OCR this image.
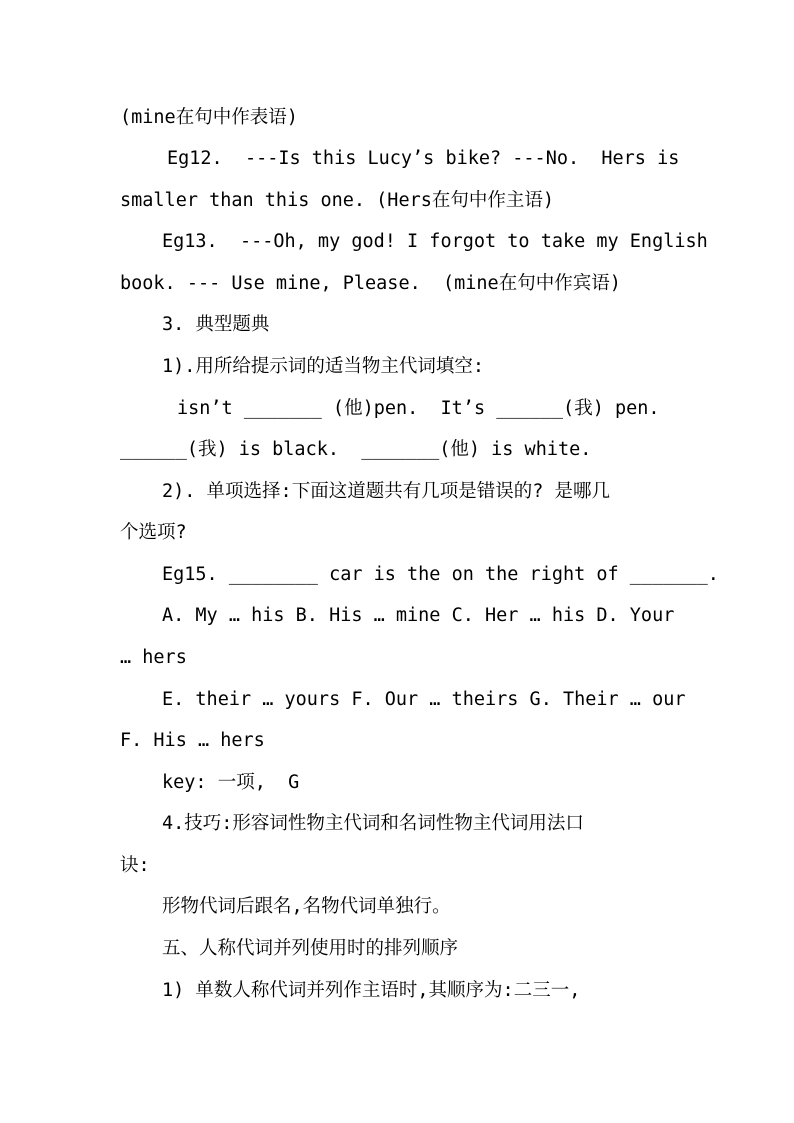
(mine在句中作表语)
Eg12.  ---Is this Lucy’s bike? ---No.  Hers is
smaller than this one. (Hers在句中作主语)
Eg13.  ---Oh, my god! I forgot to take my English
book. --- Use mine, Please.  (mine在句中作宾语)
3. 典型题典
1).用所给提示词的适当物主代词填空:
isn’t _______ (他)pen.  It’s ______(我) pen.
______(我) is black.  _______(他) is white.
2). 单项选择:下面这道题共有几项是错误的? 是哪几
个选项?
Eg15. ________ car is the on the right of _______.
A. My … his B. His … mine C. Her … his D. Your
… hers
E. their … yours F. Our … theirs G. Their … our
F. His … hers
key: 一项,  G
4.技巧:形容词性物主代词和名词性物主代词用法口
诀:
形物代词后跟名,名物代词单独行。
五、人称代词并列使用时的排列顺序
1) 单数人称代词并列作主语时,其顺序为:二三一,
